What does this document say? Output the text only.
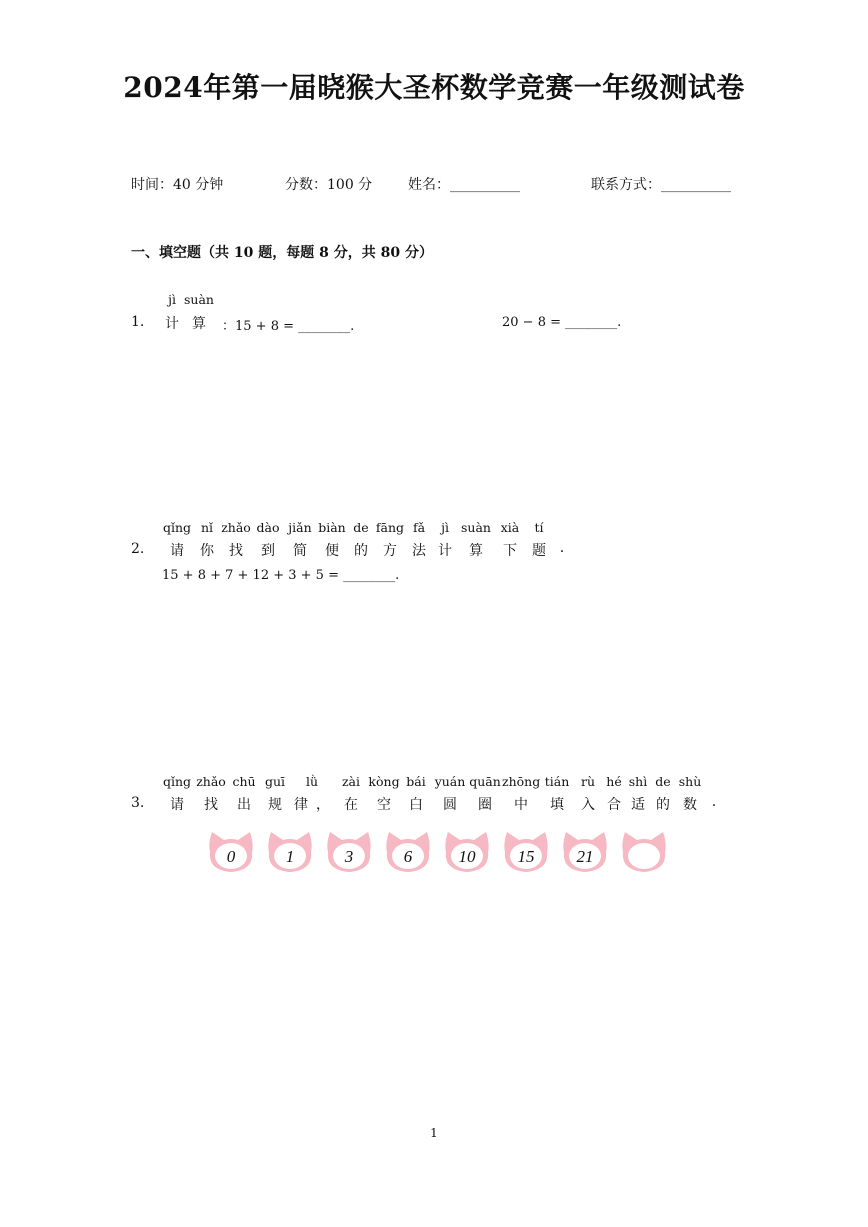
2024年第一届晓猴大圣杯数学竞赛一年级测试卷
时间：40 分钟	分数：100 分	姓名：__________	联系方式：__________
一、填空题（共 10 题，每题 8 分，共 80 分）
1.
jì suàn
计 算	：15 + 8 = ________.	20 − 8 = ________.
2.
qǐng nǐ zhǎo dào jiǎn biàn de fāng fǎ	jì suàn xià	tí
请	你	找	到	简	便	的	方	法 计	算	下	题 .
15 + 8 + 7 + 12 + 3 + 5 = ________.
3.
qǐng zhǎo chū guī	lǜ	zài kòng bái yuán quān zhōng tián rù hé shì de shù
请	找	出	规 律 ，	在	空	白	圆	圈	中	填	入 合 适 的 数	.
0	1	3	6	10	15	21
1
